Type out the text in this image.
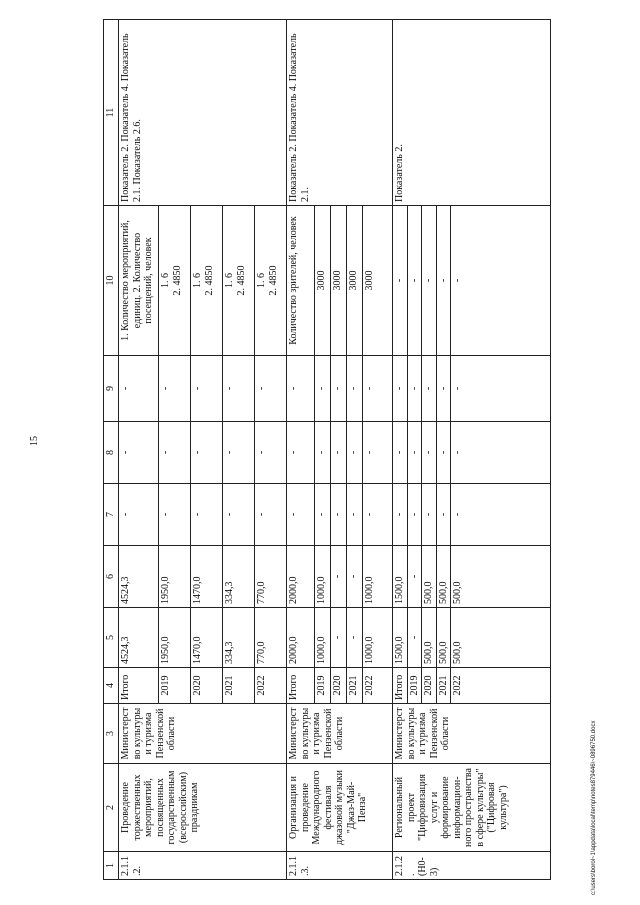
15
1	2	3	4	5	6	7	8	9	10	11
2.1.1.2.	Проведение торжественных мероприятий, посвященных государственным (всероссийским) праздникам	Министерство культуры и туризма Пензенской области	Итого	4524,3	4524,3	-	-	-	1. Количество мероприятий, единиц. 2. Количество посещений, человек	Показатель 2. Показатель 4. Показатель 2.1. Показатель 2.6.
			2019	1950,0	1950,0	-	-	-	1. 6 2. 4850	

			2020	1470,0	1470,0	-	-	-	1. 6 2. 4850	

			2021	334,3	334,3	-	-	-	1. 6 2. 4850	

			2022	770,0	770,0	-	-	-	1. 6 2. 4850	

2.1.1.3.	Организация и проведение Международного фестиваля джазовой музыки "Джаз-Май-Пенза"	Министерство культуры и туризма Пензенской области	Итого	2000,0	2000,0	-	-	-	Количество зрителей, человек	Показатель 2. Показатель 4. Показатель 2.1.
			2019	1000,0	1000,0	-	-	-	3000	
			2020	-	-	-	-	-	3000	
			2021	-	-	-	-	-	3000	
			2022	1000,0	1000,0	-	-	-	3000	
2.1.2. (Н0-3)	Региональный проект "Цифровизация услуг и формирование информацион-ного пространства в сфере культуры" ("Цифровая культура")	Министерство культуры и туризма Пензенской области	Итого	1500,0	1500,0	-	-	-	-	Показатель 2.
			2019	-	-	-	-	-	-	
			2020	500,0	500,0	-	-	-	-	
			2021	500,0	500,0	-	-	-	-	
			2022	500,0	500,0	-	-	-	-	
c:\users\borol~1\appdata\local\temp\notes879446\~0896750.docx
